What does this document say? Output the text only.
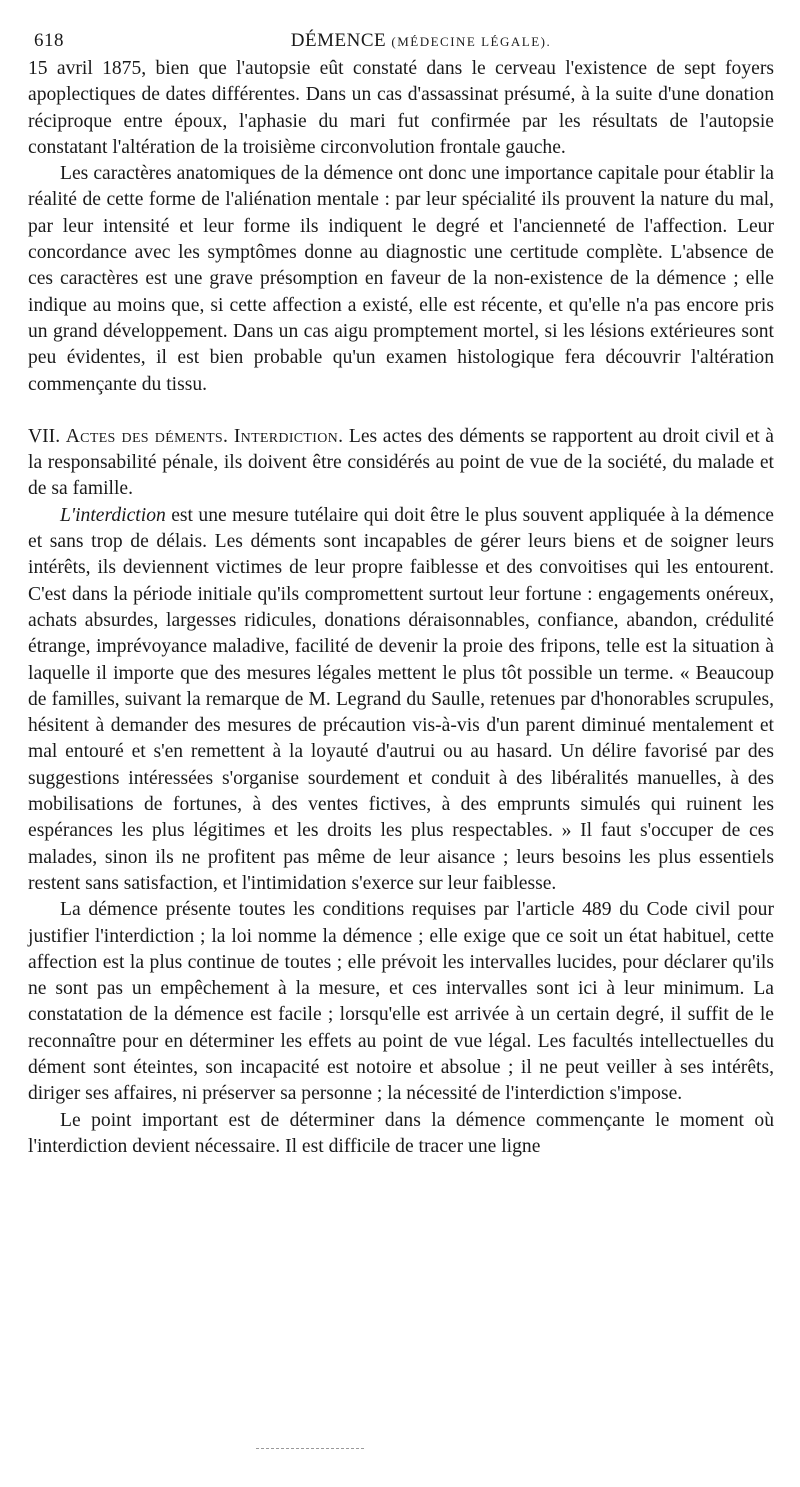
618	DÉMENCE (MÉDECINE LÉGALE).

15 avril 1875, bien que l'autopsie eût constaté dans le cerveau l'existence de sept foyers apoplectiques de dates différentes. Dans un cas d'assassinat présumé, à la suite d'une donation réciproque entre époux, l'aphasie du mari fut confirmée par les résultats de l'autopsie constatant l'altération de la troisième circonvolution frontale gauche.

Les caractères anatomiques de la démence ont donc une importance capitale pour établir la réalité de cette forme de l'aliénation mentale : par leur spécialité ils prouvent la nature du mal, par leur intensité et leur forme ils indiquent le degré et l'ancienneté de l'affection. Leur concordance avec les symptômes donne au diagnostic une certitude complète. L'absence de ces caractères est une grave présomption en faveur de la non-existence de la démence ; elle indique au moins que, si cette affection a existé, elle est récente, et qu'elle n'a pas encore pris un grand développement. Dans un cas aigu promptement mortel, si les lésions extérieures sont peu évidentes, il est bien probable qu'un examen histologique fera découvrir l'altération commençante du tissu.

VII. Actes des déments. Interdiction. Les actes des déments se rapportent au droit civil et à la responsabilité pénale, ils doivent être considérés au point de vue de la société, du malade et de sa famille.

L'interdiction est une mesure tutélaire qui doit être le plus souvent appliquée à la démence et sans trop de délais. Les déments sont incapables de gérer leurs biens et de soigner leurs intérêts, ils deviennent victimes de leur propre faiblesse et des convoitises qui les entourent. C'est dans la période initiale qu'ils compromettent surtout leur fortune : engagements onéreux, achats absurdes, largesses ridicules, donations déraisonnables, confiance, abandon, crédulité étrange, imprévoyance maladive, facilité de devenir la proie des fripons, telle est la situation à laquelle il importe que des mesures légales mettent le plus tôt possible un terme. « Beaucoup de familles, suivant la remarque de M. Legrand du Saulle, retenues par d'honorables scrupules, hésitent à demander des mesures de précaution vis-à-vis d'un parent diminué mentalement et mal entouré et s'en remettent à la loyauté d'autrui ou au hasard. Un délire favorisé par des suggestions intéressées s'organise sourdement et conduit à des libéralités manuelles, à des mobilisations de fortunes, à des ventes fictives, à des emprunts simulés qui ruinent les espérances les plus légitimes et les droits les plus respectables. » Il faut s'occuper de ces malades, sinon ils ne profitent pas même de leur aisance ; leurs besoins les plus essentiels restent sans satisfaction, et l'intimidation s'exerce sur leur faiblesse.

La démence présente toutes les conditions requises par l'article 489 du Code civil pour justifier l'interdiction ; la loi nomme la démence ; elle exige que ce soit un état habituel, cette affection est la plus continue de toutes ; elle prévoit les intervalles lucides, pour déclarer qu'ils ne sont pas un empêchement à la mesure, et ces intervalles sont ici à leur minimum. La constatation de la démence est facile ; lorsqu'elle est arrivée à un certain degré, il suffit de le reconnaître pour en déterminer les effets au point de vue légal. Les facultés intellectuelles du dément sont éteintes, son incapacité est notoire et absolue ; il ne peut veiller à ses intérêts, diriger ses affaires, ni préserver sa personne ; la nécessité de l'interdiction s'impose.

Le point important est de déterminer dans la démence commençante le moment où l'interdiction devient nécessaire. Il est difficile de tracer une ligne
